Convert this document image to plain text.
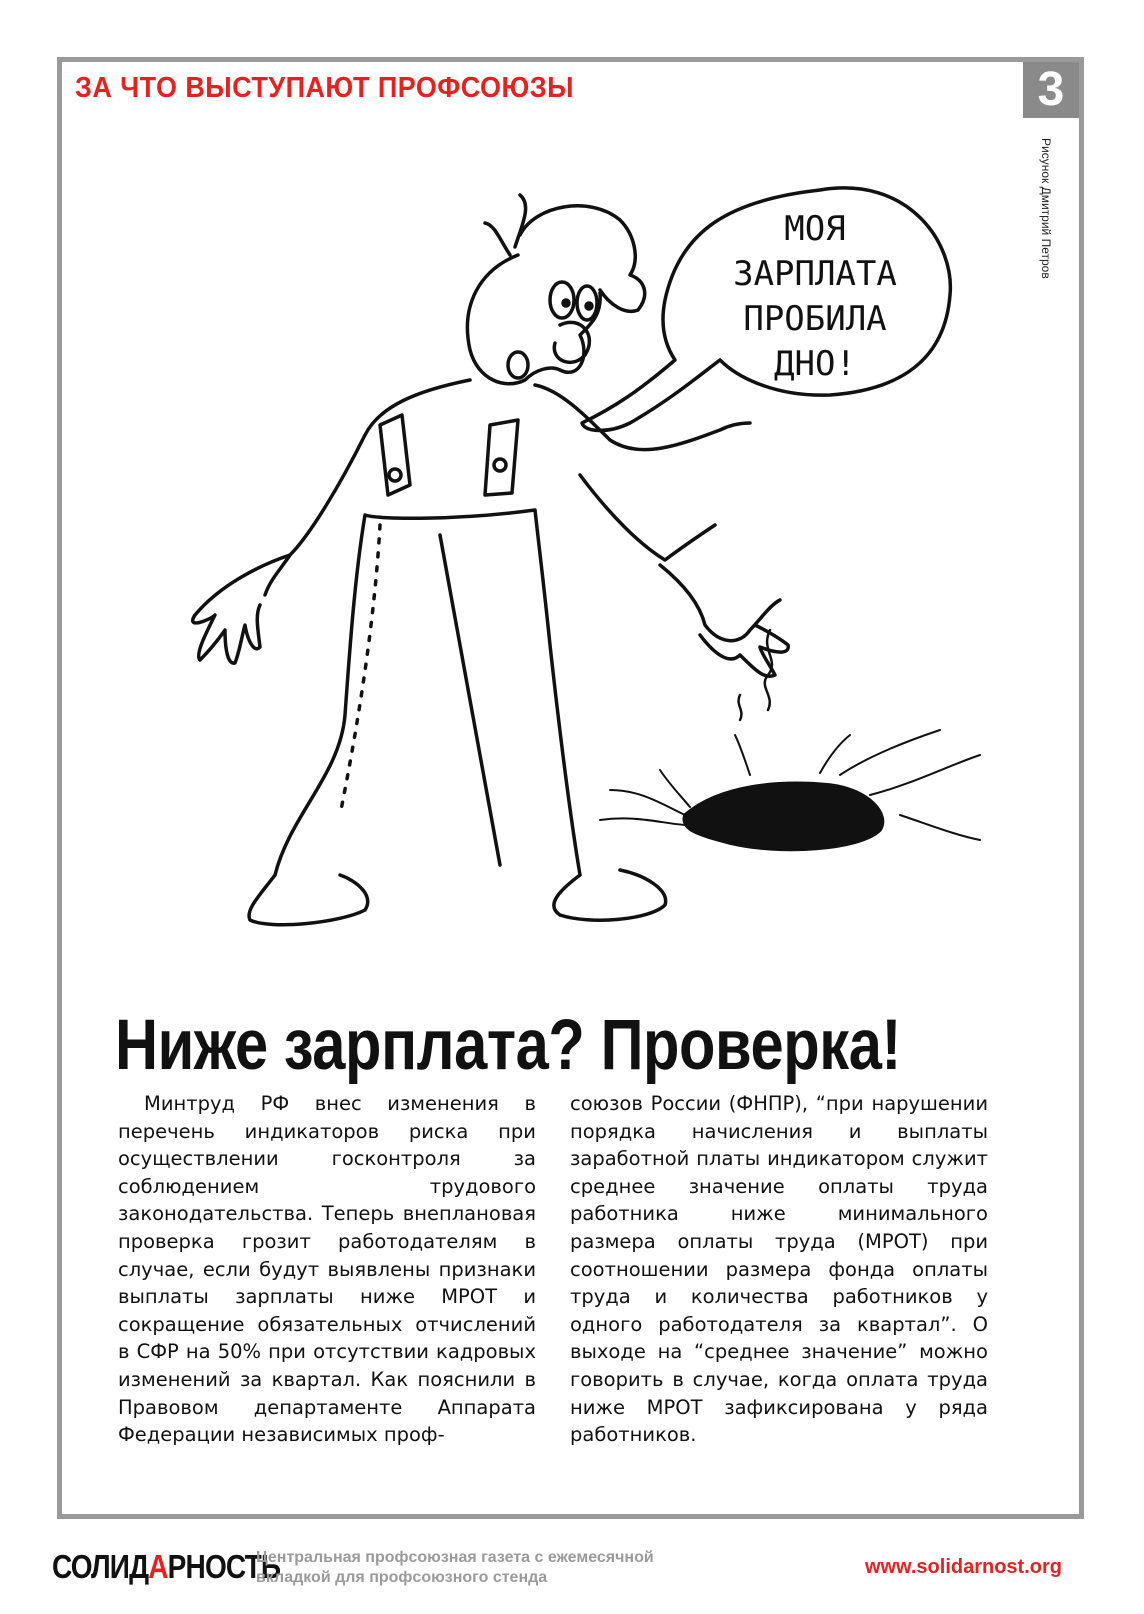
ЗА ЧТО ВЫСТУПАЮТ ПРОФСОЮЗЫ	3
Рисунок Дмитрий Петров
МОЯ
ЗАРПЛАТА
ПРОБИЛА
ДНО!
Ниже зарплата? Проверка!
Минтруд РФ внес изменения в перечень индикаторов риска при осуществлении госконтроля за соблюдением трудового законодательства. Теперь внеплановая проверка грозит работодателям в случае, если будут выявлены признаки выплаты зарплаты ниже МРОТ и сокращение обязательных отчислений в СФР на 50% при отсутствии кадровых изменений за квартал. Как пояснили в Правовом департаменте Аппарата Федерации независимых проф-
союзов России (ФНПР), “при нарушении порядка начисления и выплаты заработной платы индикатором служит среднее значение оплаты труда работника ниже минимального размера оплаты труда (МРОТ) при соотношении размера фонда оплаты труда и количества работников у одного работодателя за квартал”. О выходе на “среднее значение” можно говорить в случае, когда оплата труда ниже МРОТ зафиксирована у ряда работников.
СОЛИДАРНОСТЬ
Центральная профсоюзная газета с ежемесячной вкладкой для профсоюзного стенда	www.solidarnost.org
